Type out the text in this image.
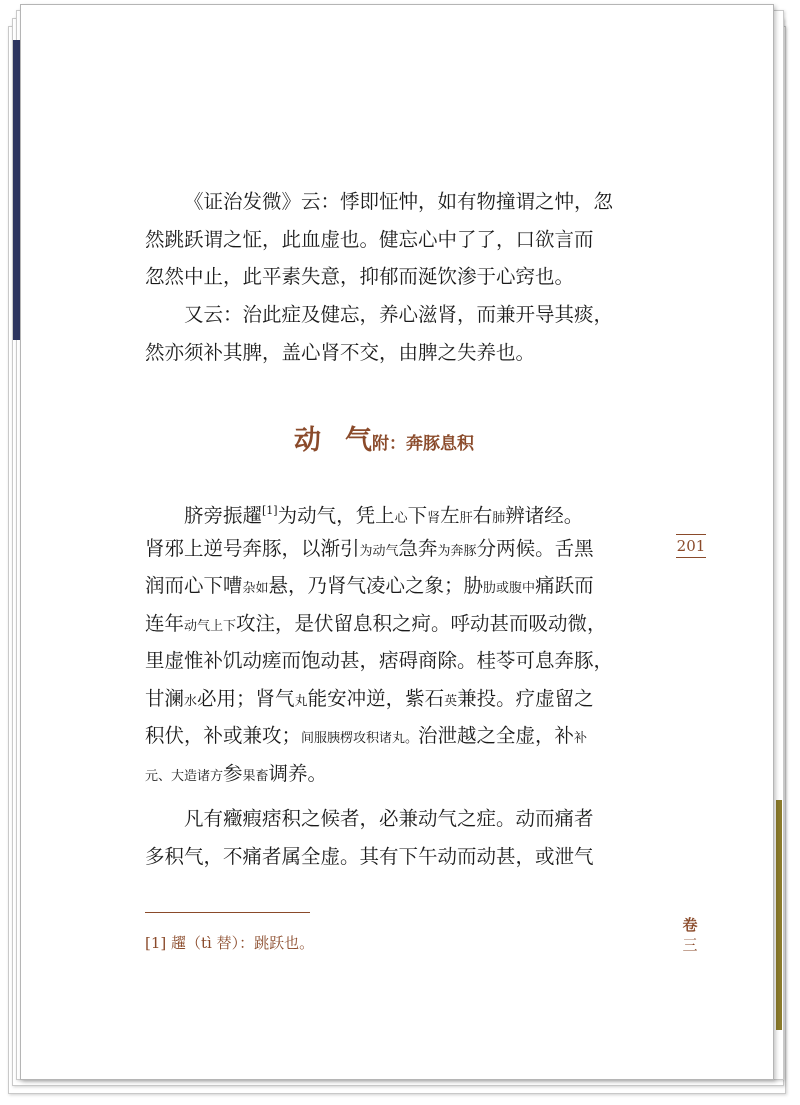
《证治发微》云：悸即怔忡，如有物撞谓之忡，忽
然跳跃谓之怔，此血虚也。健忘心中了了，口欲言而
忽然中止，此平素失意，抑郁而涎饮渗于心窍也。
又云：治此症及健忘，养心滋肾，而兼开导其痰，
然亦须补其脾，盖心肾不交，由脾之失养也。
动气附：奔豚息积
脐旁振趯[1]为动气，凭上心下肾左肝右肺辨诸经。
肾邪上逆号奔豚，以渐引为动气急奔为奔豚分两候。舌黑
润而心下嘈杂如悬，乃肾气凌心之象；胁肋或腹中痛跃而
连年动气上下攻注，是伏留息积之疴。呼动甚而吸动微，
里虚惟补饥动瘥而饱动甚，痞碍商除。桂苓可息奔豚，
甘澜水必用；肾气丸能安冲逆，紫石英兼投。疗虚留之
积伏，补或兼攻；间服胰楞攻积诸丸。治泄越之全虚，补补
元、大造诸方参果畜调养。
凡有癥瘕痞积之候者，必兼动气之症。动而痛者
多积气，不痛者属全虚。其有下午动而动甚，或泄气
201

[1] 趯（tì 替）：跳跃也。

卷
三
